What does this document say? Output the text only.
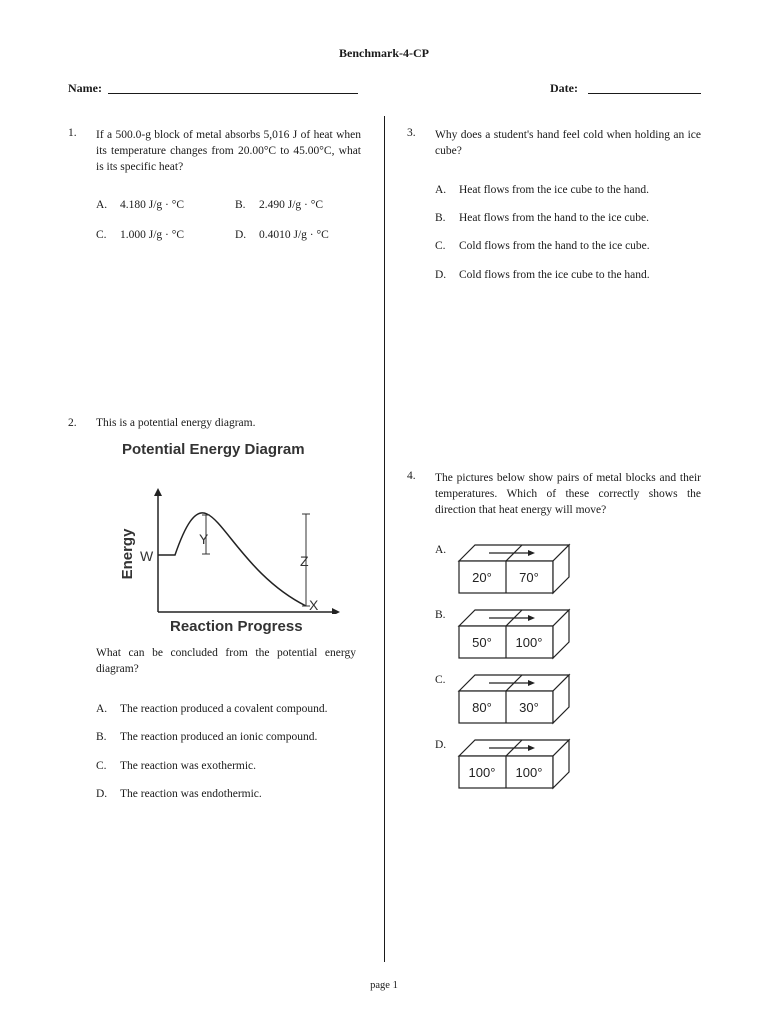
Benchmark-4-CP
Name:	Date:
1.	If a 500.0-g block of metal absorbs 5,016 J of heat when its temperature changes from 20.00°C to 45.00°C, what is its specific heat?
A. 4.180 J/g · °C	B. 2.490 J/g · °C
C. 1.000 J/g · °C	D. 0.4010 J/g · °C
2.	This is a potential energy diagram.
Potential Energy Diagram
Energy W
Y
Z
X
Reaction Progress
What can be concluded from the potential energy diagram?
A. The reaction produced a covalent compound.
B. The reaction produced an ionic compound.
C. The reaction was exothermic.
D. The reaction was endothermic.
3.	Why does a student's hand feel cold when holding an ice cube?
A. Heat flows from the ice cube to the hand.
B. Heat flows from the hand to the ice cube.
C. Cold flows from the hand to the ice cube.
D. Cold flows from the ice cube to the hand.
4.	The pictures below show pairs of metal blocks and their temperatures. Which of these correctly shows the direction that heat energy will move?
A.
20° 70°
B.
50° 100°
C.
80° 30°
D.
100° 100°
page 1
